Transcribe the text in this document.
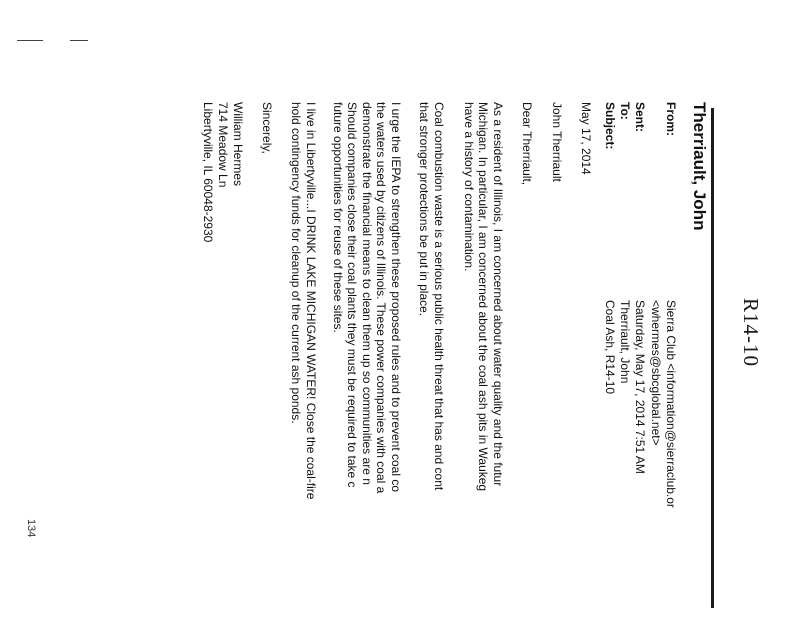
R14-10
Therriault, John
From:
Sierra Club <information@sierraclub.or
<whermes@sbcglobal.net>
Sent:
Saturday, May 17, 2014 7:51 AM
To:
Therriault, John
Subject:
Coal Ash, R14-10
May 17, 2014
John Therriault
Dear Therriault,
As a resident of Illinois, I am concerned about water quality and the futur
Michigan. In particular, I am concerned about the coal ash pits in Waukeg
have a history of contamination.
Coal combustion waste is a serious public health threat that has and cont
that stronger protections be put in place.
I urge the IEPA to strengthen these proposed rules and to prevent coal co
the waters used by citizens of Illinois. These power companies with coal a
demonstrate the financial means to clean them up so communities are n
Should companies close their coal plants they must be required to take c
future opportunities for reuse of these sites.
I live in Libertyville...I DRINK LAKE MICHIGAN WATER! Close the coal-fire
hold contingency funds for cleanup of the current ash ponds.
Sincerely,
William Hermes
714 Meadow Ln
Libertyville, IL 60048-2930
134
